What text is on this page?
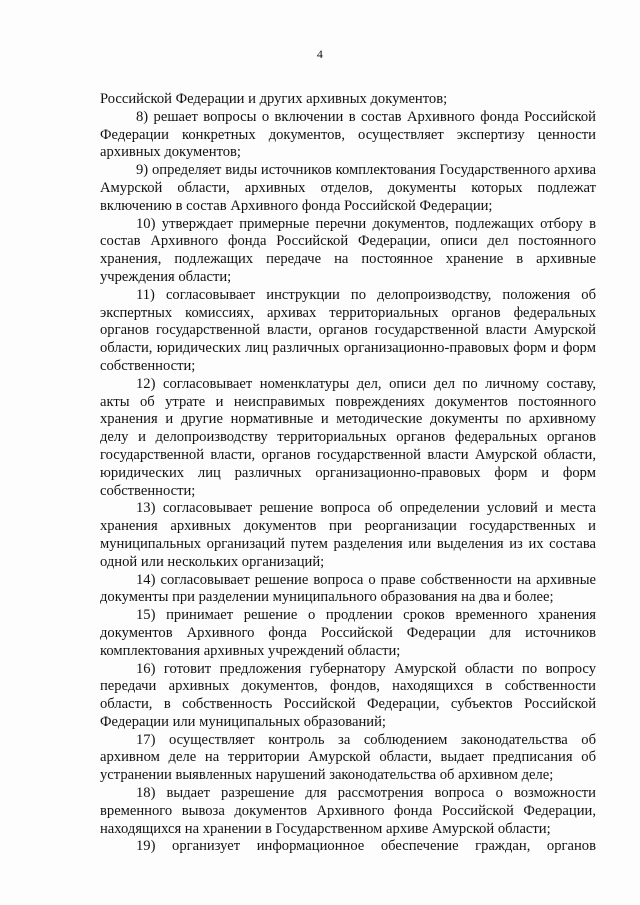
4

Российской Федерации и других архивных документов;

8) решает вопросы о включении в состав Архивного фонда Российской Федерации конкретных документов, осуществляет экспертизу ценности архивных документов;

9) определяет виды источников комплектования Государственного архива Амурской области, архивных отделов, документы которых подлежат включению в состав Архивного фонда Российской Федерации;

10) утверждает примерные перечни документов, подлежащих отбору в состав Архивного фонда Российской Федерации, описи дел постоянного хранения, подлежащих передаче на постоянное хранение в архивные учреждения области;

11) согласовывает инструкции по делопроизводству, положения об экспертных комиссиях, архивах территориальных органов федеральных органов государственной власти, органов государственной власти Амурской области, юридических лиц различных организационно-правовых форм и форм собственности;

12) согласовывает номенклатуры дел, описи дел по личному составу, акты об утрате и неисправимых повреждениях документов постоянного хранения и другие нормативные и методические документы по архивному делу и делопроизводству территориальных органов федеральных органов государственной власти, органов государственной власти Амурской области, юридических лиц различных организационно-правовых форм и форм собственности;

13) согласовывает решение вопроса об определении условий и места хранения архивных документов при реорганизации государственных и муниципальных организаций путем разделения или выделения из их состава одной или нескольких организаций;

14) согласовывает решение вопроса о праве собственности на архивные документы при разделении муниципального образования на два и более;

15) принимает решение о продлении сроков временного хранения документов Архивного фонда Российской Федерации для источников комплектования архивных учреждений области;

16) готовит предложения губернатору Амурской области по вопросу передачи архивных документов, фондов, находящихся в собственности области, в собственность Российской Федерации, субъектов Российской Федерации или муниципальных образований;

17) осуществляет контроль за соблюдением законодательства об архивном деле на территории Амурской области, выдает предписания об устранении выявленных нарушений законодательства об архивном деле;

18) выдает разрешение для рассмотрения вопроса о возможности временного вывоза документов Архивного фонда Российской Федерации, находящихся на хранении в Государственном архиве Амурской области;

19) организует информационное обеспечение граждан, органов
